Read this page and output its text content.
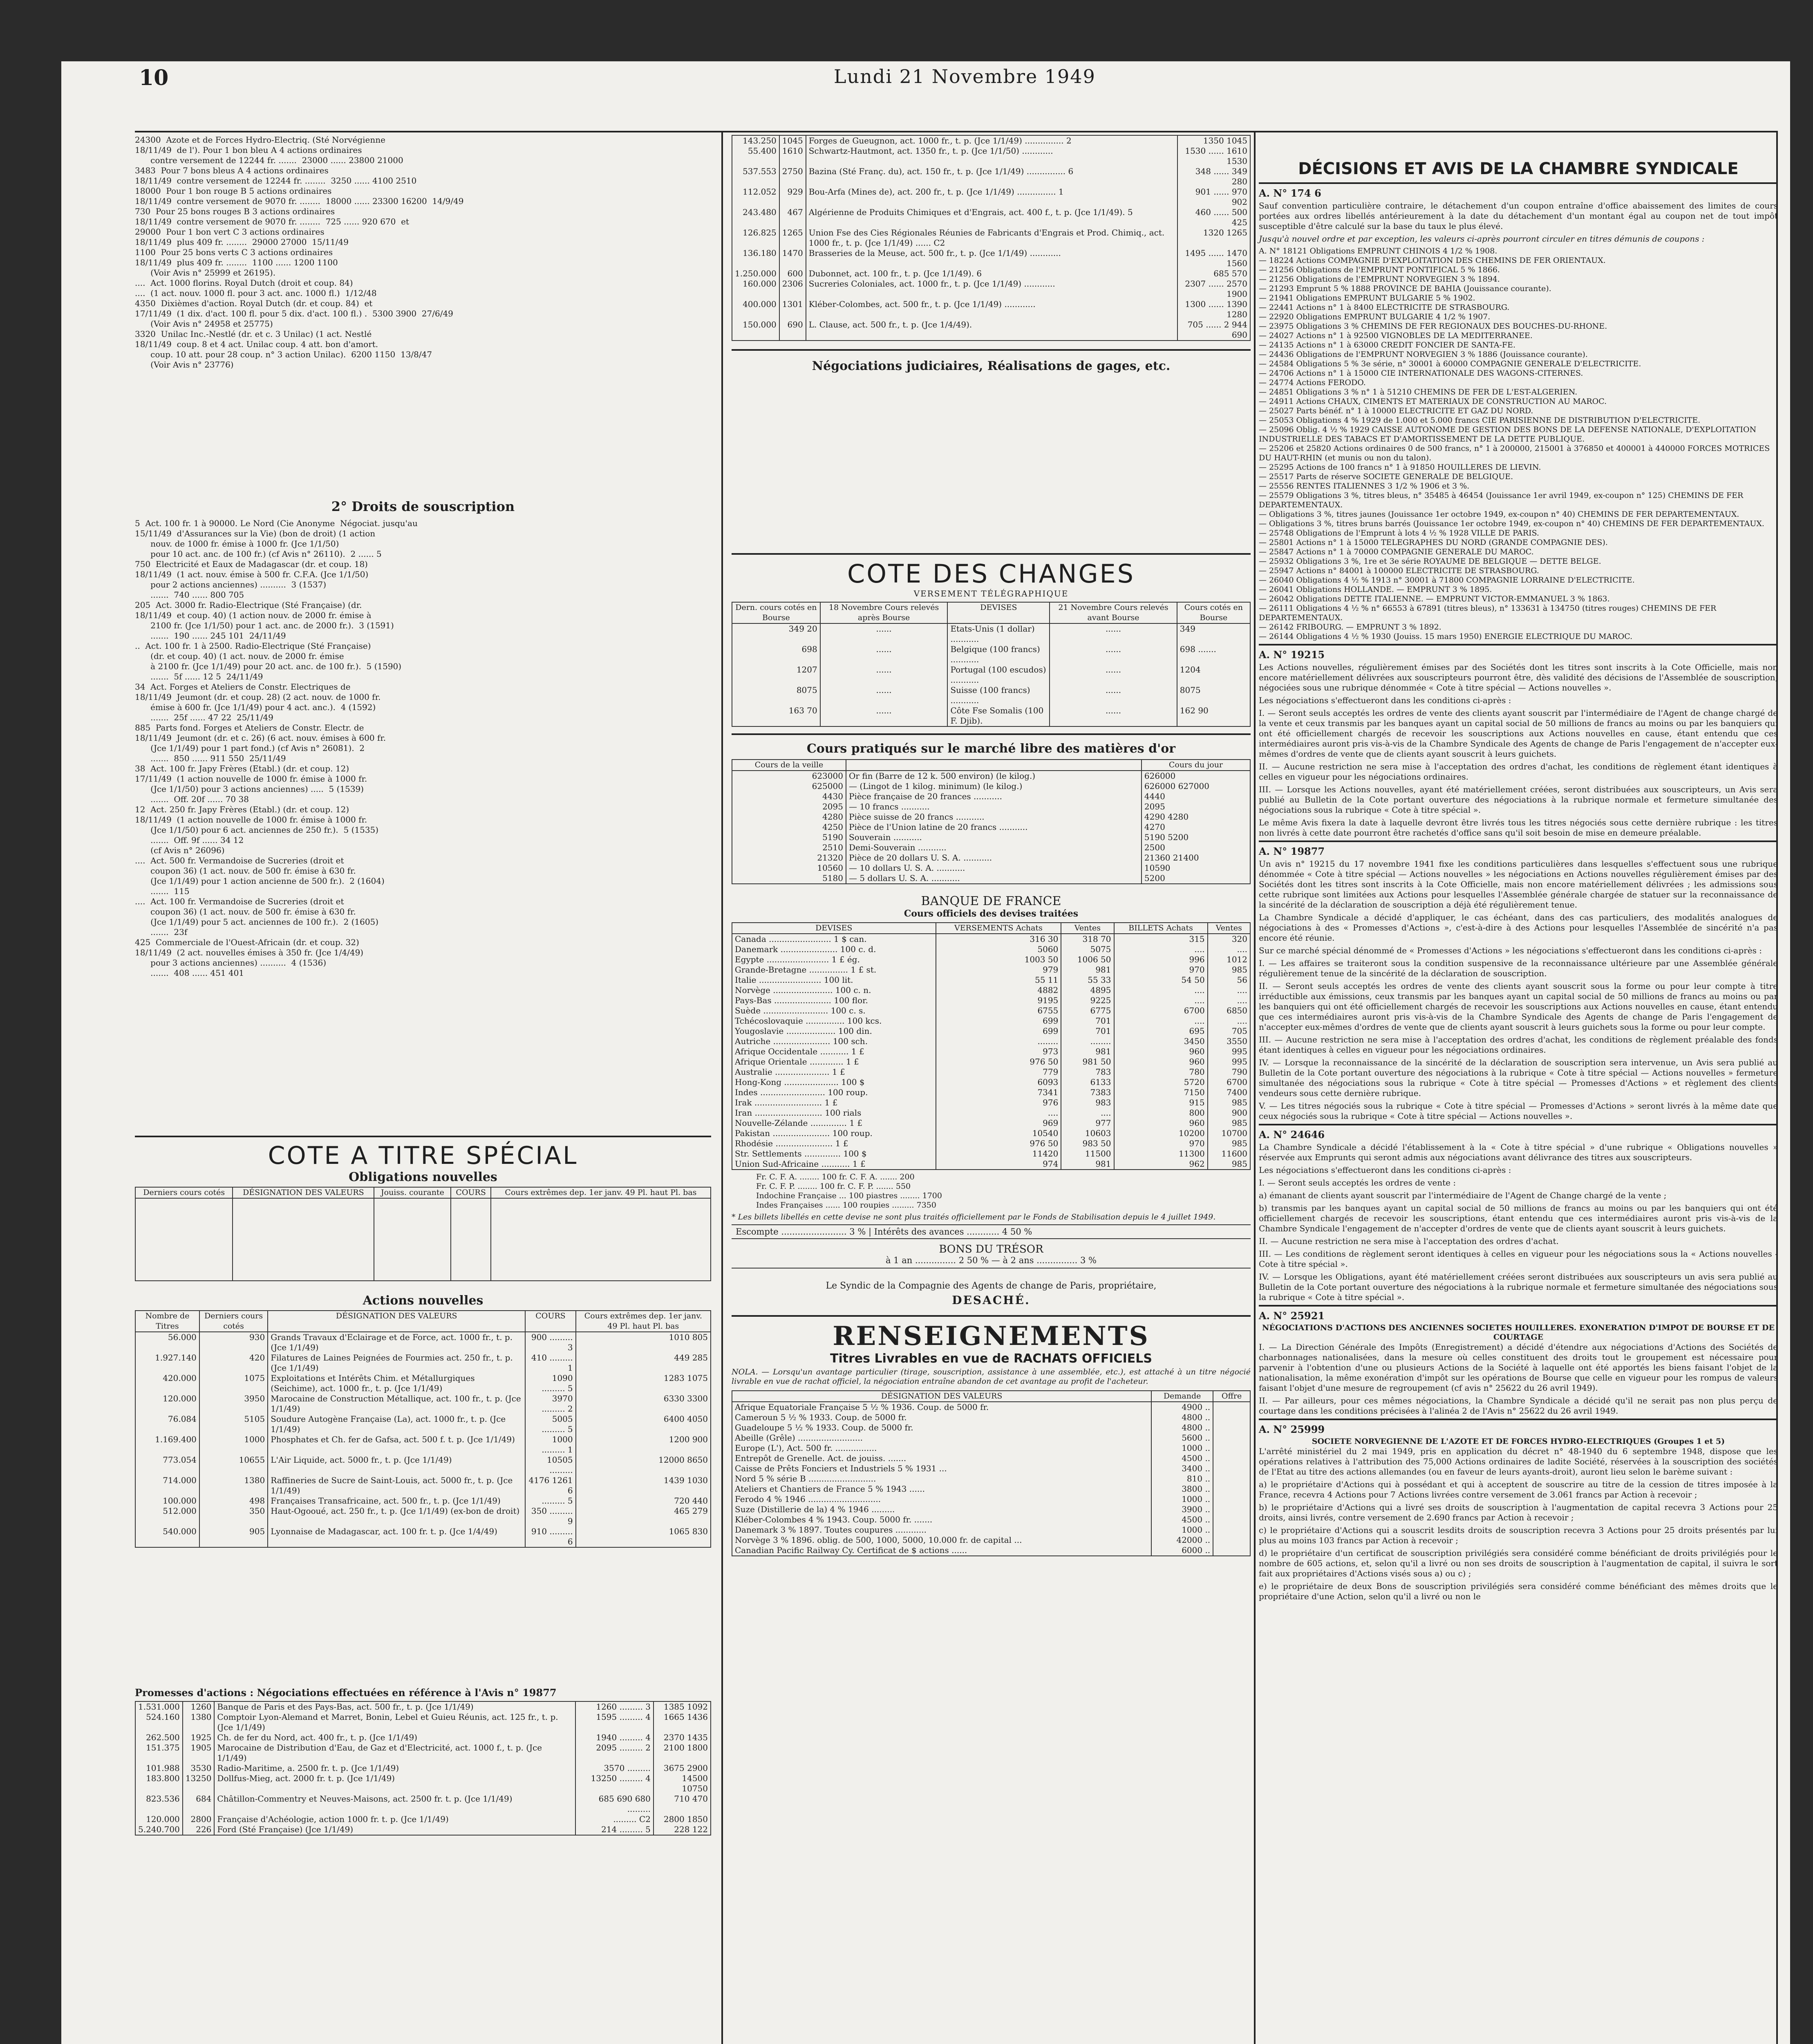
10	Lundi 21 Novembre 1949
24300  Azote et de Forces Hydro-Electriq. (Sté Norvégienne
18/11/49  de l'). Pour 1 bon bleu A 4 actions ordinaires
contre versement de 12244 fr. .......  23000 ...... 23800 21000
3483  Pour 7 bons bleus A 4 actions ordinaires
18/11/49  contre versement de 12244 fr. ........  3250 ...... 4100 2510
18000  Pour 1 bon rouge B 5 actions ordinaires
18/11/49  contre versement de 9070 fr. ........  18000 ...... 23300 16200  14/9/49
730  Pour 25 bons rouges B 3 actions ordinaires
18/11/49  contre versement de 9070 fr. ........  725 ...... 920 670  et
29000  Pour 1 bon vert C 3 actions ordinaires
18/11/49  plus 409 fr. ........  29000 27000  15/11/49
1100  Pour 25 bons verts C 3 actions ordinaires
18/11/49  plus 409 fr. ........  1100 ...... 1200 1100
(Voir Avis n° 25999 et 26195).
....  Act. 1000 florins. Royal Dutch (droit et coup. 84)
....  (1 act. nouv. 1000 fl. pour 3 act. anc. 1000 fl.)  1/12/48
4350  Dixièmes d'action. Royal Dutch (dr. et coup. 84)  et
17/11/49  (1 dix. d'act. 100 fl. pour 5 dix. d'act. 100 fl.) .  5300 3900  27/6/49
(Voir Avis n° 24958 et 25775)
3320  Unilac Inc.-Nestlé (dr. et c. 3 Unilac) (1 act. Nestlé
18/11/49  coup. 8 et 4 act. Unilac coup. 4 att. bon d'amort.
coup. 10 att. pour 28 coup. n° 3 action Unilac).  6200 1150  13/8/47
(Voir Avis n° 23776)
2° Droits de souscription
5  Act. 100 fr. 1 à 90000. Le Nord (Cie Anonyme  Négociat. jusqu'au
15/11/49  d'Assurances sur la Vie) (bon de droit) (1 action
nouv. de 1000 fr. émise à 1000 fr. (Jce 1/1/50)
pour 10 act. anc. de 100 fr.) (cf Avis n° 26110).  2 ...... 5
750  Electricité et Eaux de Madagascar (dr. et coup. 18)
18/11/49  (1 act. nouv. émise à 500 fr. C.F.A. (Jce 1/1/50)
pour 2 actions anciennes) ..........  3 (1537)
.......  740 ...... 800 705
205  Act. 3000 fr. Radio-Electrique (Sté Française) (dr.
18/11/49  et coup. 40) (1 action nouv. de 2000 fr. émise à
2100 fr. (Jce 1/1/50) pour 1 act. anc. de 2000 fr.).  3 (1591)
.......  190 ...... 245 101  24/11/49
..  Act. 100 fr. 1 à 2500. Radio-Electrique (Sté Française)
(dr. et coup. 40) (1 act. nouv. de 2000 fr. émise
à 2100 fr. (Jce 1/1/49) pour 20 act. anc. de 100 fr.).  5 (1590)
.......  5f ...... 12 5  24/11/49
34  Act. Forges et Ateliers de Constr. Electriques de
18/11/49  Jeumont (dr. et coup. 28) (2 act. nouv. de 1000 fr.
émise à 600 fr. (Jce 1/1/49) pour 4 act. anc.).  4 (1592)
.......  25f ...... 47 22  25/11/49
885  Parts fond. Forges et Ateliers de Constr. Electr. de
18/11/49  Jeumont (dr. et c. 26) (6 act. nouv. émises à 600 fr.
(Jce 1/1/49) pour 1 part fond.) (cf Avis n° 26081).  2
.......  850 ...... 911 550  25/11/49
38  Act. 100 fr. Japy Frères (Etabl.) (dr. et coup. 12)
17/11/49  (1 action nouvelle de 1000 fr. émise à 1000 fr.
(Jce 1/1/50) pour 3 actions anciennes) .....  5 (1539)
.......  Off. 20f ...... 70 38
12  Act. 250 fr. Japy Frères (Etabl.) (dr. et coup. 12)
18/11/49  (1 action nouvelle de 1000 fr. émise à 1000 fr.
(Jce 1/1/50) pour 6 act. anciennes de 250 fr.).  5 (1535)
.......  Off. 9f ...... 34 12
(cf Avis n° 26096)
....  Act. 500 fr. Vermandoise de Sucreries (droit et
coupon 36) (1 act. nouv. de 500 fr. émise à 630 fr.
(Jce 1/1/49) pour 1 action ancienne de 500 fr.).  2 (1604)
.......  115
....  Act. 100 fr. Vermandoise de Sucreries (droit et
coupon 36) (1 act. nouv. de 500 fr. émise à 630 fr.
(Jce 1/1/49) pour 5 act. anciennes de 100 fr.).  2 (1605)
.......  23f
425  Commerciale de l'Ouest-Africain (dr. et coup. 32)
18/11/49  (2 act. nouvelles émises à 350 fr. (Jce 1/4/49)
pour 3 actions anciennes) ..........  4 (1536)
.......  408 ...... 451 401
COTE A TITRE SPÉCIAL
Obligations nouvelles
Derniers cours cotés	DÉSIGNATION DES VALEURS	Jouiss. courante	COURS	Cours extrêmes dep. 1er janv. 49 Pl. haut Pl. bas

Actions nouvelles
Nombre de Titres	Derniers cours cotés	DÉSIGNATION DES VALEURS	COURS	Cours extrêmes dep. 1er janv. 49 Pl. haut Pl. bas
56.000	930	Grands Travaux d'Eclairage et de Force, act. 1000 fr., t. p. (Jce 1/1/49)	900 ......... 3	1010 805
1.927.140	420	Filatures de Laines Peignées de Fourmies act. 250 fr., t. p. (Jce 1/1/49)	410 ......... 1	449 285
420.000	1075	Exploitations et Intérêts Chim. et Métallurgiques (Seichime), act. 1000 fr., t. p. (Jce 1/1/49)	1090 ......... 5	1283 1075
120.000	3950	Marocaine de Construction Métallique, act. 100 fr., t. p. (Jce 1/1/49)	3970 ......... 2	6330 3300
76.084	5105	Soudure Autogène Française (La), act. 1000 fr., t. p. (Jce 1/1/49)	5005 ......... 5	6400 4050
1.169.400	1000	Phosphates et Ch. fer de Gafsa, act. 500 f. t. p. (Jce 1/1/49)	1000 ......... 1	1200 900
773.054	10655	L'Air Liquide, act. 5000 fr., t. p. (Jce 1/1/49)	10505 .........	12000 8650
714.000	1380	Raffineries de Sucre de Saint-Louis, act. 5000 fr., t. p. (Jce 1/1/49)	4176 1261 6	1439 1030
100.000	498	Françaises Transafricaine, act. 500 fr., t. p. (Jce 1/1/49)	......... 5	720 440
512.000	350	Haut-Ogooué, act. 250 fr., t. p. (Jce 1/1/49) (ex-bon de droit)	350 ......... 9	465 279
540.000	905	Lyonnaise de Madagascar, act. 100 fr. t. p. (Jce 1/4/49)	910 ......... 6	1065 830
Promesses d'actions : Négociations effectuées en référence à l'Avis n° 19877
1.531.000	1260	Banque de Paris et des Pays-Bas, act. 500 fr., t. p. (Jce 1/1/49)	1260 ......... 3	1385 1092
524.160	1380	Comptoir Lyon-Alemand et Marret, Bonin, Lebel et Guieu Réunis, act. 125 fr., t. p. (Jce 1/1/49)	1595 ......... 4	1665 1436
262.500	1925	Ch. de fer du Nord, act. 400 fr., t. p. (Jce 1/1/49)	1940 ......... 4	2370 1435
151.375	1905	Marocaine de Distribution d'Eau, de Gaz et d'Electricité, act. 1000 f., t. p. (Jce 1/1/49)	2095 ......... 2	2100 1800
101.988	3530	Radio-Maritime, a. 2500 fr. t. p. (Jce 1/1/49)	3570 .........	3675 2900
183.800	13250	Dollfus-Mieg, act. 2000 fr. t. p. (Jce 1/1/49)	13250 ......... 4	14500 10750
823.536	684	Châtillon-Commentry et Neuves-Maisons, act. 2500 fr. t. p. (Jce 1/1/49)	685 690 680 .........	710 470
120.000	2800	Française d'Achéologie, action 1000 fr. t. p. (Jce 1/1/49)	......... C2	2800 1850
5.240.700	226	Ford (Sté Française) (Jce 1/1/49)	214 ......... 5	228 122
143.250	1045	Forges de Gueugnon, act. 1000 fr., t. p. (Jce 1/1/49) ............... 2	1350 1045
55.400	1610	Schwartz-Hautmont, act. 1350 fr., t. p. (Jce 1/1/50) ............	1530 ...... 1610 1530
537.553	2750	Bazina (Sté Franç. du), act. 150 fr., t. p. (Jce 1/1/49) ............... 6	348 ...... 349 280
112.052	929	Bou-Arfa (Mines de), act. 200 fr., t. p. (Jce 1/1/49) ............... 1	901 ...... 970 902
243.480	467	Algérienne de Produits Chimiques et d'Engrais, act. 400 f., t. p. (Jce 1/1/49). 5	460 ...... 500 425
126.825	1265	Union Fse des Cies Régionales Réunies de Fabricants d'Engrais et Prod. Chimiq., act. 1000 fr., t. p. (Jce 1/1/49) ...... C2	1320 1265
136.180	1470	Brasseries de la Meuse, act. 500 fr., t. p. (Jce 1/1/49) ............	1495 ...... 1470 1560
1.250.000	600	Dubonnet, act. 100 fr., t. p. (Jce 1/1/49). 6	685 570
160.000	2306	Sucreries Coloniales, act. 1000 fr., t. p. (Jce 1/1/49) ............	2307 ...... 2570 1900
400.000	1301	Kléber-Colombes, act. 500 fr., t. p. (Jce 1/1/49) ............	1300 ...... 1390 1280
150.000	690	L. Clause, act. 500 fr., t. p. (Jce 1/4/49).	705 ...... 2 944 690
Négociations judiciaires, Réalisations de gages, etc.
COTE DES CHANGES
VERSEMENT TÉLÉGRAPHIQUE
Dern. cours cotés en Bourse	18 Novembre Cours relevés après Bourse	DEVISES	21 Novembre Cours relevés avant Bourse	Cours cotés en Bourse
349 20	......	Etats-Unis (1 dollar) ...........	......	349
698	......	Belgique (100 francs) ...........	......	698 .......
1207	......	Portugal (100 escudos) ...........	......	1204
8075	......	Suisse (100 francs) ...........	......	8075
163 70	......	Côte Fse Somalis (100 F. Djib).	......	162 90
Cours pratiqués sur le marché libre des matières d'or
Cours de la veille		Cours du jour
623000	Or fin (Barre de 12 k. 500 environ) (le kilog.)	626000
625000	— (Lingot de 1 kilog. minimum) (le kilog.)	626000 627000
4430	Pièce française de 20 frances ...........	4440
2095	— 10 francs ...........	2095
4280	Pièce suisse de 20 francs ...........	4290 4280
4250	Pièce de l'Union latine de 20 francs ...........	4270
5190	Souverain ...........	5190 5200
2510	Demi-Souverain ...........	2500
21320	Pièce de 20 dollars U. S. A. ...........	21360 21400
10560	— 10 dollars U. S. A. ...........	10590
5180	— 5 dollars U. S. A. ...........	5200
BANQUE DE FRANCE
Cours officiels des devises traitées
DEVISES	VERSEMENTS Achats	Ventes	BILLETS Achats	Ventes
Canada ........................ 1 $ can.	316 30	318 70	315	320
Danemark ...................... 100 c. d.	5060	5075	....	....
Egypte ........................ 1 £ ég.	1003 50	1006 50	996	1012
Grande-Bretagne ............... 1 £ st.	979	981	970	985
Italie ........................ 100 lit.	55 11	55 33	54 50	56
Norvège ....................... 100 c. n.	4882	4895	....	....
Pays-Bas ...................... 100 flor.	9195	9225	....	....
Suède ......................... 100 c. s.	6755	6775	6700	6850
Tchécoslovaquie ............... 100 kcs.	699	701	....	....
Yougoslavie ................... 100 din.	699	701	695	705
Autriche ...................... 100 sch.	........	........	3450	3550
Afrique Occidentale ........... 1 £	973	981	960	995
Afrique Orientale ............. 1 £	976 50	981 50	960	995
Australie ..................... 1 £	779	783	780	790
Hong-Kong ..................... 100 $	6093	6133	5720	6700
Indes ......................... 100 roup.	7341	7383	7150	7400
Irak .......................... 1 £	976	983	915	985
Iran .......................... 100 rials	....	....	800	900
Nouvelle-Zélande .............. 1 £	969	977	960	985
Pakistan ...................... 100 roup.	10540	10603	10200	10700
Rhodésie ...................... 1 £	976 50	983 50	970	985
Str. Settlements .............. 100 $	11420	11500	11300	11600
Union Sud-Africaine ........... 1 £	974	981	962	985
Fr. C. F. A. ........ 100 fr. C. F. A. ....... 200
Fr. C. F. P. ........ 100 fr. C. F. P. ....... 550
Indochine Française ... 100 piastres ........ 1700
Indes Françaises ...... 100 roupies ......... 7350
* Les billets libellés en cette devise ne sont plus traités officiellement par le Fonds de Stabilisation depuis le 4 juillet 1949.
Escompte ........................ 3 % | Intérêts des avances ............ 4 50 %
BONS DU TRÉSOR
à 1 an ............... 2 50 % — à 2 ans ............... 3 %
Le Syndic de la Compagnie des Agents de change de Paris, propriétaire,
DESACHÉ.
RENSEIGNEMENTS
Titres Livrables en vue de RACHATS OFFICIELS
NOLA. — Lorsqu'un avantage particulier (tirage, souscription, assistance à une assemblée, etc.), est attaché à un titre négocié livrable en vue de rachat officiel, la négociation entraîne abandon de cet avantage au profit de l'acheteur.
DÉSIGNATION DES VALEURS	Demande	Offre
Afrique Equatoriale Française 5 ½ % 1936. Coup. de 5000 fr.	4900 ..	
Cameroun 5 ½ % 1933. Coup. de 5000 fr.	4800 ..	
Guadeloupe 5 ½ % 1933. Coup. de 5000 fr.	4800 ..	
Abeille (Grêle) .........................	5600 ..	
Europe (L'), Act. 500 fr. ................	1000 ..	
Entrepôt de Grenelle. Act. de jouiss. .......	4500 ..	
Caisse de Prêts Fonciers et Industriels 5 % 1931 ...	3400 ..	
Nord 5 % série B ..........................	810 ..	
Ateliers et Chantiers de France 5 % 1943 ......	3800 ..	
Ferodo 4 % 1946 ............................	1000 ..	
Suze (Distillerie de la) 4 % 1946 .........	3900 ..	
Kléber-Colombes 4 % 1943. Coup. 5000 fr. .......	4500 ..	
Danemark 3 % 1897. Toutes coupures ............	1000 ..	
Norvège 3 % 1896. oblig. de 500, 1000, 5000, 10.000 fr. de capital ...	42000 ..	
Canadian Pacific Railway Cy. Certificat de $ actions ......	6000 ..	
DÉCISIONS ET AVIS DE LA CHAMBRE SYNDICALE
A. N° 174 6

Sauf convention particulière contraire, le détachement d'un coupon entraîne d'office abaissement des limites de cours portées aux ordres libellés antérieurement à la date du détachement d'un montant égal au coupon net de tout impôt susceptible d'être calculé sur la base du taux le plus élevé.

Jusqu'à nouvel ordre et par exception, les valeurs ci-après pourront circuler en titres démunis de coupons :

A. N° 18121 Obligations EMPRUNT CHINOIS 4 1/2 % 1908.
— 18224 Actions COMPAGNIE D'EXPLOITATION DES CHEMINS DE FER ORIENTAUX.
— 21256 Obligations de l'EMPRUNT PONTIFICAL 5 % 1866.
— 21256 Obligations de l'EMPRUNT NORVEGIEN 3 % 1894.
— 21293 Emprunt 5 % 1888 PROVINCE DE BAHIA (Jouissance courante).
— 21941 Obligations EMPRUNT BULGARIE 5 % 1902.
— 22441 Actions n° 1 à 8400 ELECTRICITE DE STRASBOURG.
— 22920 Obligations EMPRUNT BULGARIE 4 1/2 % 1907.
— 23975 Obligations 3 % CHEMINS DE FER REGIONAUX DES BOUCHES-DU-RHONE.
— 24027 Actions n° 1 à 92500 VIGNOBLES DE LA MEDITERRANEE.
— 24135 Actions n° 1 à 63000 CREDIT FONCIER DE SANTA-FE.
— 24436 Obligations de l'EMPRUNT NORVEGIEN 3 % 1886 (Jouissance courante).
— 24584 Obligations 5 % 3e série, n° 30001 à 60000 COMPAGNIE GENERALE D'ELECTRICITE.
— 24706 Actions n° 1 à 15000 CIE INTERNATIONALE DES WAGONS-CITERNES.
— 24774 Actions FERODO.
— 24851 Obligations 3 % n° 1 à 51210 CHEMINS DE FER DE L'EST-ALGERIEN.
— 24911 Actions CHAUX, CIMENTS ET MATERIAUX DE CONSTRUCTION AU MAROC.
— 25027 Parts bénéf. n° 1 à 10000 ELECTRICITE ET GAZ DU NORD.
— 25053 Obligations 4 % 1929 de 1.000 et 5.000 francs CIE PARISIENNE DE DISTRIBUTION D'ELECTRICITE.
— 25096 Oblig. 4 ½ % 1929 CAISSE AUTONOME DE GESTION DES BONS DE LA DEFENSE NATIONALE, D'EXPLOITATION INDUSTRIELLE DES TABACS ET D'AMORTISSEMENT DE LA DETTE PUBLIQUE.
— 25206 et 25820 Actions ordinaires 0 de 500 francs, n° 1 à 200000, 215001 à 376850 et 400001 à 440000 FORCES MOTRICES DU HAUT-RHIN (et munis ou non du talon).
— 25295 Actions de 100 francs n° 1 à 91850 HOUILLERES DE LIEVIN.
— 25517 Parts de réserve SOCIETE GENERALE DE BELGIQUE.
— 25556 RENTES ITALIENNES 3 1/2 % 1906 et 3 %.
— 25579 Obligations 3 %, titres bleus, n° 35485 à 46454 (Jouissance 1er avril 1949, ex-coupon n° 125) CHEMINS DE FER DEPARTEMENTAUX.
— Obligations 3 %, titres jaunes (Jouissance 1er octobre 1949, ex-coupon n° 40) CHEMINS DE FER DEPARTEMENTAUX.
— Obligations 3 %, titres bruns barrés (Jouissance 1er octobre 1949, ex-coupon n° 40) CHEMINS DE FER DEPARTEMENTAUX.
— 25748 Obligations de l'Emprunt à lots 4 ½ % 1928 VILLE DE PARIS.
— 25801 Actions n° 1 à 15000 TELEGRAPHES DU NORD (GRANDE COMPAGNIE DES).
— 25847 Actions n° 1 à 70000 COMPAGNIE GENERALE DU MAROC.
— 25932 Obligations 3 %, 1re et 3e série ROYAUME DE BELGIQUE — DETTE BELGE.
— 25947 Actions n° 84001 à 100000 ELECTRICITE DE STRASBOURG.
— 26040 Obligations 4 ½ % 1913 n° 30001 à 71800 COMPAGNIE LORRAINE D'ELECTRICITE.
— 26041 Obligations HOLLANDE. — EMPRUNT 3 % 1895.
— 26042 Obligations DETTE ITALIENNE. — EMPRUNT VICTOR-EMMANUEL 3 % 1863.
— 26111 Obligations 4 ½ % n° 66553 à 67891 (titres bleus), n° 133631 à 134750 (titres rouges) CHEMINS DE FER DEPARTEMENTAUX.
— 26142 FRIBOURG. — EMPRUNT 3 % 1892.
— 26144 Obligations 4 ½ % 1930 (Jouiss. 15 mars 1950) ENERGIE ELECTRIQUE DU MAROC.
A. N° 19215

Les Actions nouvelles, régulièrement émises par des Sociétés dont les titres sont inscrits à la Cote Officielle, mais non encore matériellement délivrées aux souscripteurs pourront être, dès validité des décisions de l'Assemblée de souscription, négociées sous une rubrique dénommée « Cote à titre spécial — Actions nouvelles ».

Les négociations s'effectueront dans les conditions ci-après :

I. — Seront seuls acceptés les ordres de vente des clients ayant souscrit par l'intermédiaire de l'Agent de change chargé de la vente et ceux transmis par les banques ayant un capital social de 50 millions de francs au moins ou par les banquiers qui ont été officiellement chargés de recevoir les souscriptions aux Actions nouvelles en cause, étant entendu que ces intermédiaires auront pris vis-à-vis de la Chambre Syndicale des Agents de change de Paris l'engagement de n'accepter eux-mêmes d'ordres de vente que de clients ayant souscrit à leurs guichets.

II. — Aucune restriction ne sera mise à l'acceptation des ordres d'achat, les conditions de règlement étant identiques à celles en vigueur pour les négociations ordinaires.

III. — Lorsque les Actions nouvelles, ayant été matériellement créées, seront distribuées aux souscripteurs, un Avis sera publié au Bulletin de la Cote portant ouverture des négociations à la rubrique normale et fermeture simultanée des négociations sous la rubrique « Cote à titre spécial ».

Le même Avis fixera la date à laquelle devront être livrés tous les titres négociés sous cette dernière rubrique : les titres non livrés à cette date pourront être rachetés d'office sans qu'il soit besoin de mise en demeure préalable.

A. N° 19877

Un avis n° 19215 du 17 novembre 1941 fixe les conditions particulières dans lesquelles s'effectuent sous une rubrique dénommée « Cote à titre spécial — Actions nouvelles » les négociations en Actions nouvelles régulièrement émises par des Sociétés dont les titres sont inscrits à la Cote Officielle, mais non encore matériellement délivrées ; les admissions sous cette rubrique sont limitées aux Actions pour lesquelles l'Assemblée générale chargée de statuer sur la reconnaissance de la sincérité de la déclaration de souscription a déjà été régulièrement tenue.

La Chambre Syndicale a décidé d'appliquer, le cas échéant, dans des cas particuliers, des modalités analogues de négociations à des « Promesses d'Actions », c'est-à-dire à des Actions pour lesquelles l'Assemblée de sincérité n'a pas encore été réunie.

Sur ce marché spécial dénommé de « Promesses d'Actions » les négociations s'effectueront dans les conditions ci-après :

I. — Les affaires se traiteront sous la condition suspensive de la reconnaissance ultérieure par une Assemblée générale régulièrement tenue de la sincérité de la déclaration de souscription.

II. — Seront seuls acceptés les ordres de vente des clients ayant souscrit sous la forme ou pour leur compte à titre irréductible aux émissions, ceux transmis par les banques ayant un capital social de 50 millions de francs au moins ou par les banquiers qui ont été officiellement chargés de recevoir les souscriptions aux Actions nouvelles en cause, étant entendu que ces intermédiaires auront pris vis-à-vis de la Chambre Syndicale des Agents de change de Paris l'engagement de n'accepter eux-mêmes d'ordres de vente que de clients ayant souscrit à leurs guichets sous la forme ou pour leur compte.

III. — Aucune restriction ne sera mise à l'acceptation des ordres d'achat, les conditions de règlement préalable des fonds étant identiques à celles en vigueur pour les négociations ordinaires.

IV. — Lorsque la reconnaissance de la sincérité de la déclaration de souscription sera intervenue, un Avis sera publié au Bulletin de la Cote portant ouverture des négociations à la rubrique « Cote à titre spécial — Actions nouvelles » fermeture simultanée des négociations sous la rubrique « Cote à titre spécial — Promesses d'Actions » et règlement des clients vendeurs sous cette dernière rubrique.

V. — Les titres négociés sous la rubrique « Cote à titre spécial — Promesses d'Actions » seront livrés à la même date que ceux négociés sous la rubrique « Cote à titre spécial — Actions nouvelles ».

A. N° 24646

La Chambre Syndicale a décidé l'établissement à la « Cote à titre spécial » d'une rubrique « Obligations nouvelles » réservée aux Emprunts qui seront admis aux négociations avant délivrance des titres aux souscripteurs.

Les négociations s'effectueront dans les conditions ci-après :

I. — Seront seuls acceptés les ordres de vente :

a) émanant de clients ayant souscrit par l'intermédiaire de l'Agent de Change chargé de la vente ;

b) transmis par les banques ayant un capital social de 50 millions de francs au moins ou par les banquiers qui ont été officiellement chargés de recevoir les souscriptions, étant entendu que ces intermédiaires auront pris vis-à-vis de la Chambre Syndicale l'engagement de n'accepter d'ordres de vente que de clients ayant souscrit à leurs guichets.

II. — Aucune restriction ne sera mise à l'acceptation des ordres d'achat.

III. — Les conditions de règlement seront identiques à celles en vigueur pour les négociations sous la « Actions nouvelles - Cote à titre spécial ».

IV. — Lorsque les Obligations, ayant été matériellement créées seront distribuées aux souscripteurs un avis sera publié au Bulletin de la Cote portant ouverture des négociations à la rubrique normale et fermeture simultanée des négociations sous la rubrique « Cote à titre spécial ».

A. N° 25921
NÉGOCIATIONS D'ACTIONS DES ANCIENNES SOCIETES HOUILLERES. EXONERATION D'IMPOT DE BOURSE ET DE COURTAGE

I. — La Direction Générale des Impôts (Enregistrement) a décidé d'étendre aux négociations d'Actions des Sociétés de charbonnages nationalisées, dans la mesure où celles constituent des droits tout le groupement est nécessaire pour parvenir à l'obtention d'une ou plusieurs Actions de la Société à laquelle ont été apportés les biens faisant l'objet de la nationalisation, la même exonération d'impôt sur les opérations de Bourse que celle en vigueur pour les rompus de valeurs faisant l'objet d'une mesure de regroupement (cf avis n° 25622 du 26 avril 1949).

II. — Par ailleurs, pour ces mêmes négociations, la Chambre Syndicale a décidé qu'il ne serait pas non plus perçu de courtage dans les conditions précisées à l'alinéa 2 de l'Avis n° 25622 du 26 avril 1949.

A. N° 25999
SOCIETE NORVEGIENNE DE L'AZOTE ET DE FORCES HYDRO-ELECTRIQUES (Groupes 1 et 5)

L'arrêté ministériel du 2 mai 1949, pris en application du décret n° 48-1940 du 6 septembre 1948, dispose que les opérations relatives à l'attribution des 75,000 Actions ordinaires de ladite Société, réservées à la souscription des sociétés de l'Etat au titre des actions allemandes (ou en faveur de leurs ayants-droit), auront lieu selon le barème suivant :

a) le propriétaire d'Actions qui à possédant et qui à acceptent de souscrire au titre de la cession de titres imposée à la France, recevra 4 Actions pour 7 Actions livrées contre versement de 3.061 francs par Action à recevoir ;

b) le propriétaire d'Actions qui a livré ses droits de souscription à l'augmentation de capital recevra 3 Actions pour 25 droits, ainsi livrés, contre versement de 2.690 francs par Action à recevoir ;

c) le propriétaire d'Actions qui a souscrit lesdits droits de souscription recevra 3 Actions pour 25 droits présentés par lui plus au moins 103 francs par Action à recevoir ;

d) le propriétaire d'un certificat de souscription privilégiés sera considéré comme bénéficiant de droits privilégiés pour le nombre de 605 actions, et, selon qu'il a livré ou non ses droits de souscription à l'augmentation de capital, il suivra le sort fait aux propriétaires d'Actions visés sous a) ou c) ;

e) le propriétaire de deux Bons de souscription privilégiés sera considéré comme bénéficiant des mêmes droits que le propriétaire d'une Action, selon qu'il a livré ou non le
